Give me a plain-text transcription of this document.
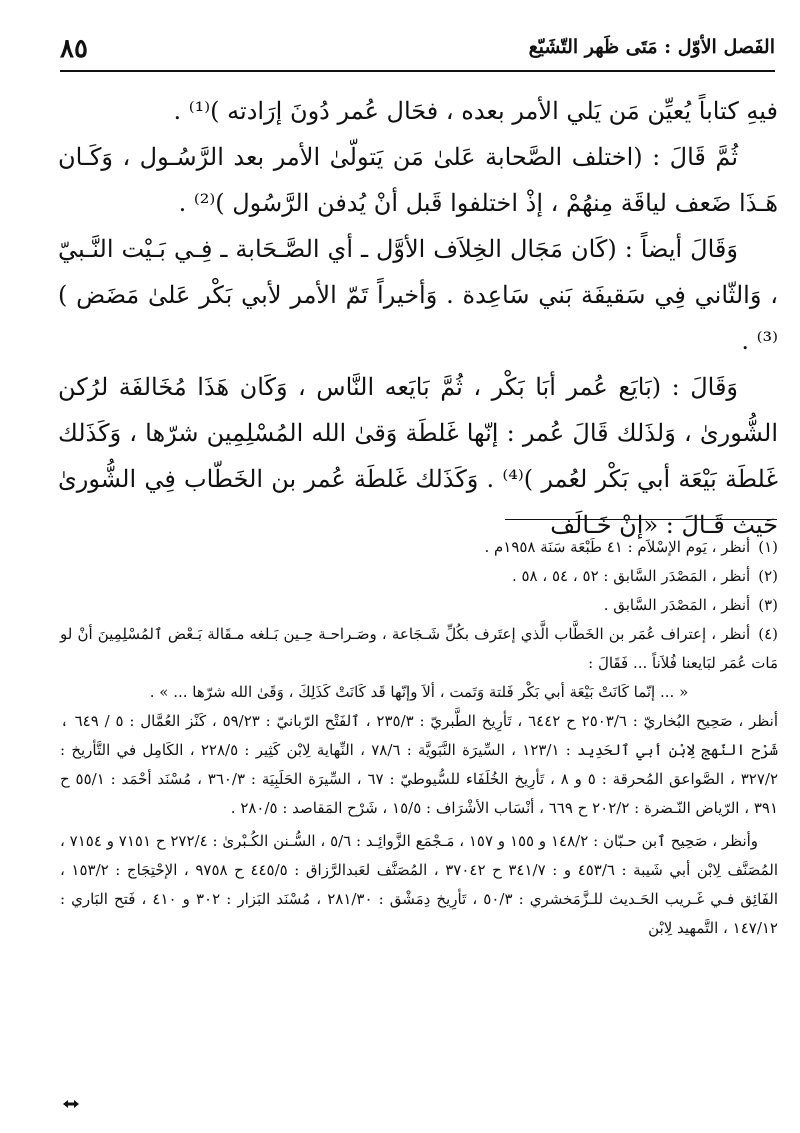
٨٥	الفَصل الأوّل : مَتَى ظَهر التّشَيّع

فيهِ كتاباً يُعيِّن مَن يَلي الأمر بعده ، فحَال عُمر دُونَ إرَادته )⁽¹⁾ .

ثُمَّ قَالَ : (اختلف الصَّحابة عَلىٰ مَن يَتولّىٰ الأمر بعد الرَّسُـول ، وَكَـان هَـذَا ضَعف لياقَة مِنهُمْ ، إذْ اختلفوا قَبل أنْ يُدفن الرَّسُول )⁽²⁾ .

وَقَالَ أيضاً : (كَان مَجَال الخِلاَف الأوَّل ـ أي الصَّـحَابة ـ فِـي بَـيْت النَّـبيّ ، وَالثّاني فِي سَقيفَة بَني سَاعِدة . وَأخيراً تَمّ الأمر لأبي بَكْر عَلىٰ مَضَض )⁽³⁾ .

وَقَالَ : (بَايَع عُمر أبَا بَكْر ، ثُمَّ بَايَعه النَّاس ، وَكَان هَذَا مُخَالفَة لرُكن الشُّورىٰ ، وَلذَلك قَالَ عُمر : إنّها غَلطَة وَقىٰ الله المُسْلِمِين شرّها ، وَكَذَلك غَلطَة بَيْعَة أبي بَكْر لعُمر )⁽⁴⁾ . وَكَذَلك غَلطَة عُمر بن الخَطّاب فِي الشُّورىٰ حَيث قَـالَ : «إنْ خَـالَف

(١)أنظر ، يَوم الإسْلاَم : ٤١ طَبْعَة سَنَة ١٩٥٨م .

(٢)أنظر ، المَصْدَر السَّابق : ٥٢ ، ٥٤ ، ٥٨ .

(٣)أنظر ، المَصْدَر السَّابق .

(٤)أنظر ، إعتراف عُمَر بن الخَطَّاب الَّذي إعتَرف بكُلِّ شَـجَاعة ، وصَـراحـة حِـين بَـلغه مـقَالة بَـعْض ٱلمُسْلِمِينَ أنْ لو مَات عُمَر لبَايعنا فُلاَناً ... فَقَالَ :

« ... إنّما كَانَتْ بَيْعَة أبي بَكْر فَلتة وَتَمت ، ألاَ وإنّها قَد كَانَتْ كَذَلِكَ ، وَقَىٰ الله شرّها ... » .

أنظر ، صَحِيح البُخاريّ : ٢٥٠٣/٦ ح ٦٤٤٢ ، تَأرِيخ الطَّبريّ : ٢٣٥/٣ ، ٱلفَتْح الرّبانيّ : ٥٩/٢٣ ، كَنْز العُمَّال : ٥ / ٦٤٩ ، شَرْح النّهج لِابْن أبي ٱلحَدِيد : ١٢٣/١ ، السِّيرَة النَّبَويَّة : ٧٨/٦ ، النِّهاية لِابْن كَثِير : ٢٢٨/٥ ، الكَامِل في التَّأريخ : ٣٢٧/٢ ، الصَّواعق المُحرقة : ٥ و ٨ ، تَأرِيخ الخُلَفَاء للسُّيوطيّ : ٦٧ ، السِّيرَة الحَلَبِيَة : ٣٦٠/٣ ، مُسْنَد أحْمَد : ٥٥/١ ح ٣٩١ ، الرّياض النّـضرة : ٢٠٢/٢ ح ٦٦٩ ، أنْسَاب الأشْرَاف : ١٥/٥ ، شَرْح المَقاصد : ٢٨٠/٥ .

وأنظر ، صَحِيح ٱبن حـبّان : ١٤٨/٢ و ١٥٥ و ١٥٧ ، مَـجْمَع الزَّوائِـد : ٥/٦ ، السُّـنن الكُـبْرىٰ : ٢٧٢/٤ ح ٧١٥١ و ٧١٥٤ ، المُصَنَّف لِابْن أبي شَيبة : ٤٥٣/٦ و : ٣٤١/٧ ح ٣٧٠٤٢ ، المُصَنَّف لعَبدالرَّزاق : ٤٤٥/٥ ح ٩٧٥٨ ، الإحْتِجَاج : ١٥٣/٢ ، الفَائِق فـي غَـريب الحَـديث للـزَّمَخشري : ٥٠/٣ ، تَأرِيخ دِمَشْق : ٢٨١/٣٠ ، مُسْنَد البَزار : ٣٠٢ و ٤١٠ ، فَتح البَاري : ١٤٧/١٢ ، التَّمهيد لِابْن
